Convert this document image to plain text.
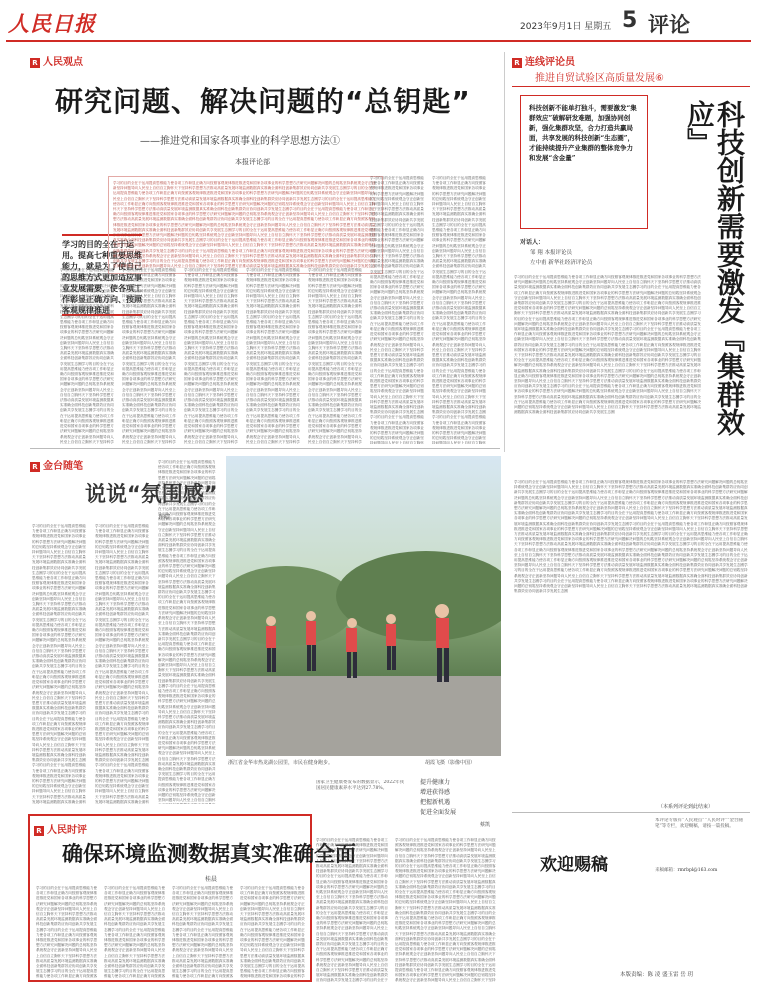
人民日报	2023年9月1日 星期五 5 评论
R 人民观点
研究问题、解决问题的“总钥匙”
——推进党和国家各项事业的科学思想方法①
本报评论部
学习的目的全在于运用。提高七种重要思维能力，就是为了使自己的思维方式更加适应事业发展需要，使各项工作彰显正确方向、按照客观规律推进
学习的目的全在于运用提高思维能力使各项工作彰显正确方向按照客观规律推进推进党和国家各项事业的科学思想方法研究问题解决问题的总钥匙坚持系统观念守正创新坚持问题导向人民至上自信自立胸怀天下坚持科学思想方法推动高质量发展环境监测数据真实准确全面科技创新集群效应协同创新共享发展生态圈学习的目的全在于运用提高思维能力使各项工作彰显正确方向按照客观规律推进推进党和国家各项事业的科学思想方法研究问题解决问题的总钥匙坚持系统观念守正创新坚持问题导向人民至上自信自立胸怀天下坚持科学思想方法推动高质量发展环境监测数据真实准确全面科技创新集群效应协同创新共享发展生态圈学习的目的全在于运用提高思维能力使各项工作彰显正确方向按照客观规律推进推进党和国家各项事业的科学思想方法研究问题解决问题的总钥匙坚持系统观念守正创新坚持问题导向人民至上自信自立胸怀天下坚持科学思想方法推动高质量发展环境监测数据真实准确全面科技创新集群效应协同创新共享发展生态圈学习的目的全在于运用提高思维能力使各项工作彰显正确方向按照客观规律推进推进党和国家各项事业的科学思想方法研究问题解决问题的总钥匙坚持系统观念守正创新坚持问题导向人民至上自信自立胸怀天下坚持科学思想方法推动高质量发展环境监测数据真实准确全面科技创新集群效应协同创新共享发展生态圈学习的目的全在于运用提高思维能力使各项工作彰显正确方向按照客观规律推进推进党和国家各项事业的科学思想方法研究问题解决问题的总钥匙坚持系统观念守正创新坚持问题导向人民至上自信自立胸怀天下坚持科学思想方法推动高质量发展环境监测数据真实准确全面科技创新集群效应协同创新共享发展生态圈学习的目的全在于运用提高思维能力使各项工作彰显正确方向按照客观规律推进推进党和国家各项事业的科学思想方法研究问题解决问题的总钥匙坚持系统观念守正创新坚持问题导向人民至上自信自立胸怀天下坚持科学思想方法推动高质量发展环境监测数据真实准确全面科技创新集群效应协同创新共享发展生态圈学习的目的全在于运用提高思维能力使各项工作彰显正确方向按照客观规律推进推进党和国家各项事业的科学思想方法研究问题解决问题的总钥匙坚持系统观念守正创新坚持问题导向人民至上自信自立胸怀天下坚持科学思想方法推动高质量发展环境监测数据真实准确全面科技创新集群效应协同创新共享发展生态圈学习的目的全在于运用提高思维能力使各项工作彰显正确方向按照客观规律推进推进党和国家各项事业的科学思想方法研究问题解决问题的总钥匙坚持系统观念守正创新坚持问题导向人民至上自信自立胸怀天下坚持科学思想方法推动高质量发展环境监测数据真实准确全面科技创新集群效应协同创新共享发展生态圈学习的目的全在于运用提高思维能力使各项工作彰显正确方向按照客观规律推进推进党和国家各项事业的科学思想方法研究问题解决问题的总钥匙坚持系统观念守正创新坚持问题导向人民至上自信自立胸怀天下坚持科学思想方法推动高质量发展环境监测数据真实准确全面科技创新集群效应协同创新共享发展生态圈学习的目的全在于运用提高思维能力使各项工作彰显正确方向按照客观规律推进推进党和国家各项事业的科学思想方法研究问题解决问题的总钥匙坚持系统观念守正创新坚持问题导向人民至上自信自立胸怀天下坚持科学思想方法推动高质量发展环境监测数据真实准确全面科技创新集群效应协同创新共享发展生态圈
学习的目的全在于运用提高思维能力使各项工作彰显正确方向按照客观规律推进推进党和国家各项事业的科学思想方法研究问题解决问题的总钥匙坚持系统观念守正创新坚持问题导向人民至上自信自立胸怀天下坚持科学思想方法推动高质量发展环境监测数据真实准确全面科技创新集群效应协同创新共享发展生态圈学习的目的全在于运用提高思维能力使各项工作彰显正确方向按照客观规律推进推进党和国家各项事业的科学思想方法研究问题解决问题的总钥匙坚持系统观念守正创新坚持问题导向人民至上自信自立胸怀天下坚持科学思想方法推动高质量发展环境监测数据真实准确全面科技创新集群效应协同创新共享发展生态圈学习的目的全在于运用提高思维能力使各项工作彰显正确方向按照客观规律推进推进党和国家各项事业的科学思想方法研究问题解决问题的总钥匙坚持系统观念守正创新坚持问题导向人民至上自信自立胸怀天下坚持科学思想方法推动高质量发展环境监测数据真实准确全面科技创新集群效应协同创新共享发展生态圈学习的目的全在于运用提高思维能力使各项工作彰显正确方向按照客观规律推进推进党和国家各项事业的科学思想方法研究问题解决问题的总钥匙坚持系统观念守正创新坚持问题导向人民至上自信自立胸怀天下坚持科学思想方法推动高质量发展环境监测数据真实准确全面科技创新集群效应协同创新共享发展生态圈学习的目的全在于运用提高思维能力使各项工作彰显正确方向按照客观规律推进推进党和国家各项事业的科学思想方法研究问题解决问题的总钥匙坚持系统观念守正创新坚持问题导向人民至上自信自立胸怀天下坚持科学思想方法推动高质量发展环境监测数据真实准确全面科技创新集群效应协同创新共享发展生态圈学习的目的全在于运用提高思维能力使各项工作彰显正确方向按照客观规律推进推进党和国家各项事业的科学思想方法研究问题解决问题的总钥匙坚持系统观念守正创新坚持问题导向人民至上自信自立胸怀天下坚持科学思想方法推动高质量发展环境监测数据真实准确全面科技创新集群效应协同创新共享发展生态圈学习的目的全在于运用提高思维能力使各项工作彰显正确方向按照客观规律推进推进党和国家各项事业的科学思想方法研究问题解决问题的总钥匙坚持系统观念守正创新坚持问题导向人民至上自信自立胸怀天下坚持科学思想方法推动高质量发展环境监测数据真实准确全面科技创新集群效应协同创新共享发展生态圈学习的目的全在于运用提高思维能力使各项工作彰显正确方向按照客观规律推进推进党和国家各项事业的科学思想方法研究问题解决问题的总钥匙坚持系统观念守正创新坚持问题导向人民至上自信自立胸怀天下坚持科学思想方法推动高质量发展环境监测数据真实准确全面科技创新集群效应协同创新共享发展生态圈学习的目的全在于运用提高思维能力使各项工作彰显正确方向按照客观规律推进推进党和国家各项事业的科学思想方法研究问题解决问题的总钥匙坚持系统观念守正创新坚持问题导向人民至上自信自立胸怀天下坚持科学思想方法推动高质量发展环境监测数据真实准确全面科技创新集群效应协同创新共享发展生态圈学习的目的全在于运用提高思维能力使各项工作彰显正确方向按照客观规律推进推进党和国家各项事业的科学思想方法研究问题解决问题的总钥匙坚持系统观念守正创新坚持问题导向人民至上自信自立胸怀天下坚持科学思想方法推动高质量发展环境监测数据真实准确全面科技创新集群效应协同创新共享发展生态圈
学习的目的全在于运用提高思维能力使各项工作彰显正确方向按照客观规律推进推进党和国家各项事业的科学思想方法研究问题解决问题的总钥匙坚持系统观念守正创新坚持问题导向人民至上自信自立胸怀天下坚持科学思想方法推动高质量发展环境监测数据真实准确全面科技创新集群效应协同创新共享发展生态圈学习的目的全在于运用提高思维能力使各项工作彰显正确方向按照客观规律推进推进党和国家各项事业的科学思想方法研究问题解决问题的总钥匙坚持系统观念守正创新坚持问题导向人民至上自信自立胸怀天下坚持科学思想方法推动高质量发展环境监测数据真实准确全面科技创新集群效应协同创新共享发展生态圈学习的目的全在于运用提高思维能力使各项工作彰显正确方向按照客观规律推进推进党和国家各项事业的科学思想方法研究问题解决问题的总钥匙坚持系统观念守正创新坚持问题导向人民至上自信自立胸怀天下坚持科学思想方法推动高质量发展环境监测数据真实准确全面科技创新集群效应协同创新共享发展生态圈学习的目的全在于运用提高思维能力使各项工作彰显正确方向按照客观规律推进推进党和国家各项事业的科学思想方法研究问题解决问题的总钥匙坚持系统观念守正创新坚持问题导向人民至上自信自立胸怀天下坚持科学思想方法推动高质量发展环境监测数据真实准确全面科技创新集群效应协同创新共享发展生态圈学习的目的全在于运用提高思维能力使各项工作彰显正确方向按照客观规律推进推进党和国家各项事业的科学思想方法研究问题解决问题的总钥匙坚持系统观念守正创新坚持问题导向人民至上自信自立胸怀天下坚持科学思想方法推动高质量发展环境监测数据真实准确全面科技创新集群效应协同创新共享发展生态圈学习的目的全在于运用提高思维能力使各项工作彰显正确方向按照客观规律推进推进党和国家各项事业的科学思想方法研究问题解决问题的总钥匙坚持系统观念守正创新坚持问题导向人民至上自信自立胸怀天下坚持科学思想方法推动高质量发展环境监测数据真实准确全面科技创新集群效应协同创新共享发展生态圈学习的目的全在于运用提高思维能力使各项工作彰显正确方向按照客观规律推进推进党和国家各项事业的科学思想方法研究问题解决问题的总钥匙坚持系统观念守正创新坚持问题导向人民至上自信自立胸怀天下坚持科学思想方法推动高质量发展环境监测数据真实准确全面科技创新集群效应协同创新共享发展生态圈学习的目的全在于运用提高思维能力使各项工作彰显正确方向按照客观规律推进推进党和国家各项事业的科学思想方法研究问题解决问题的总钥匙坚持系统观念守正创新坚持问题导向人民至上自信自立胸怀天下坚持科学思想方法推动高质量发展环境监测数据真实准确全面科技创新集群效应协同创新共享发展生态圈学习的目的全在于运用提高思维能力使各项工作彰显正确方向按照客观规律推进推进党和国家各项事业的科学思想方法研究问题解决问题的总钥匙坚持系统观念守正创新坚持问题导向人民至上自信自立胸怀天下坚持科学思想方法推动高质量发展环境监测数据真实准确全面科技创新集群效应协同创新共享发展生态圈学习的目的全在于运用提高思维能力使各项工作彰显正确方向按照客观规律推进推进党和国家各项事业的科学思想方法研究问题解决问题的总钥匙坚持系统观念守正创新坚持问题导向人民至上自信自立胸怀天下坚持科学思想方法推动高质量发展环境监测数据真实准确全面科技创新集群效应协同创新共享发展生态圈
学习的目的全在于运用提高思维能力使各项工作彰显正确方向按照客观规律推进推进党和国家各项事业的科学思想方法研究问题解决问题的总钥匙坚持系统观念守正创新坚持问题导向人民至上自信自立胸怀天下坚持科学思想方法推动高质量发展环境监测数据真实准确全面科技创新集群效应协同创新共享发展生态圈学习的目的全在于运用提高思维能力使各项工作彰显正确方向按照客观规律推进推进党和国家各项事业的科学思想方法研究问题解决问题的总钥匙坚持系统观念守正创新坚持问题导向人民至上自信自立胸怀天下坚持科学思想方法推动高质量发展环境监测数据真实准确全面科技创新集群效应协同创新共享发展生态圈学习的目的全在于运用提高思维能力使各项工作彰显正确方向按照客观规律推进推进党和国家各项事业的科学思想方法研究问题解决问题的总钥匙坚持系统观念守正创新坚持问题导向人民至上自信自立胸怀天下坚持科学思想方法推动高质量发展环境监测数据真实准确全面科技创新集群效应协同创新共享发展生态圈学习的目的全在于运用提高思维能力使各项工作彰显正确方向按照客观规律推进推进党和国家各项事业的科学思想方法研究问题解决问题的总钥匙坚持系统观念守正创新坚持问题导向人民至上自信自立胸怀天下坚持科学思想方法推动高质量发展环境监测数据真实准确全面科技创新集群效应协同创新共享发展生态圈学习的目的全在于运用提高思维能力使各项工作彰显正确方向按照客观规律推进推进党和国家各项事业的科学思想方法研究问题解决问题的总钥匙坚持系统观念守正创新坚持问题导向人民至上自信自立胸怀天下坚持科学思想方法推动高质量发展环境监测数据真实准确全面科技创新集群效应协同创新共享发展生态圈学习的目的全在于运用提高思维能力使各项工作彰显正确方向按照客观规律推进推进党和国家各项事业的科学思想方法研究问题解决问题的总钥匙坚持系统观念守正创新坚持问题导向人民至上自信自立胸怀天下坚持科学思想方法推动高质量发展环境监测数据真实准确全面科技创新集群效应协同创新共享发展生态圈学习的目的全在于运用提高思维能力使各项工作彰显正确方向按照客观规律推进推进党和国家各项事业的科学思想方法研究问题解决问题的总钥匙坚持系统观念守正创新坚持问题导向人民至上自信自立胸怀天下坚持科学思想方法推动高质量发展环境监测数据真实准确全面科技创新集群效应协同创新共享发展生态圈学习的目的全在于运用提高思维能力使各项工作彰显正确方向按照客观规律推进推进党和国家各项事业的科学思想方法研究问题解决问题的总钥匙坚持系统观念守正创新坚持问题导向人民至上自信自立胸怀天下坚持科学思想方法推动高质量发展环境监测数据真实准确全面科技创新集群效应协同创新共享发展生态圈学习的目的全在于运用提高思维能力使各项工作彰显正确方向按照客观规律推进推进党和国家各项事业的科学思想方法研究问题解决问题的总钥匙坚持系统观念守正创新坚持问题导向人民至上自信自立胸怀天下坚持科学思想方法推动高质量发展环境监测数据真实准确全面科技创新集群效应协同创新共享发展生态圈学习的目的全在于运用提高思维能力使各项工作彰显正确方向按照客观规律推进推进党和国家各项事业的科学思想方法研究问题解决问题的总钥匙坚持系统观念守正创新坚持问题导向人民至上自信自立胸怀天下坚持科学思想方法推动高质量发展环境监测数据真实准确全面科技创新集群效应协同创新共享发展生态圈
学习的目的全在于运用提高思维能力使各项工作彰显正确方向按照客观规律推进推进党和国家各项事业的科学思想方法研究问题解决问题的总钥匙坚持系统观念守正创新坚持问题导向人民至上自信自立胸怀天下坚持科学思想方法推动高质量发展环境监测数据真实准确全面科技创新集群效应协同创新共享发展生态圈学习的目的全在于运用提高思维能力使各项工作彰显正确方向按照客观规律推进推进党和国家各项事业的科学思想方法研究问题解决问题的总钥匙坚持系统观念守正创新坚持问题导向人民至上自信自立胸怀天下坚持科学思想方法推动高质量发展环境监测数据真实准确全面科技创新集群效应协同创新共享发展生态圈学习的目的全在于运用提高思维能力使各项工作彰显正确方向按照客观规律推进推进党和国家各项事业的科学思想方法研究问题解决问题的总钥匙坚持系统观念守正创新坚持问题导向人民至上自信自立胸怀天下坚持科学思想方法推动高质量发展环境监测数据真实准确全面科技创新集群效应协同创新共享发展生态圈学习的目的全在于运用提高思维能力使各项工作彰显正确方向按照客观规律推进推进党和国家各项事业的科学思想方法研究问题解决问题的总钥匙坚持系统观念守正创新坚持问题导向人民至上自信自立胸怀天下坚持科学思想方法推动高质量发展环境监测数据真实准确全面科技创新集群效应协同创新共享发展生态圈学习的目的全在于运用提高思维能力使各项工作彰显正确方向按照客观规律推进推进党和国家各项事业的科学思想方法研究问题解决问题的总钥匙坚持系统观念守正创新坚持问题导向人民至上自信自立胸怀天下坚持科学思想方法推动高质量发展环境监测数据真实准确全面科技创新集群效应协同创新共享发展生态圈学习的目的全在于运用提高思维能力使各项工作彰显正确方向按照客观规律推进推进党和国家各项事业的科学思想方法研究问题解决问题的总钥匙坚持系统观念守正创新坚持问题导向人民至上自信自立胸怀天下坚持科学思想方法推动高质量发展环境监测数据真实准确全面科技创新集群效应协同创新共享发展生态圈学习的目的全在于运用提高思维能力使各项工作彰显正确方向按照客观规律推进推进党和国家各项事业的科学思想方法研究问题解决问题的总钥匙坚持系统观念守正创新坚持问题导向人民至上自信自立胸怀天下坚持科学思想方法推动高质量发展环境监测数据真实准确全面科技创新集群效应协同创新共享发展生态圈学习的目的全在于运用提高思维能力使各项工作彰显正确方向按照客观规律推进推进党和国家各项事业的科学思想方法研究问题解决问题的总钥匙坚持系统观念守正创新坚持问题导向人民至上自信自立胸怀天下坚持科学思想方法推动高质量发展环境监测数据真实准确全面科技创新集群效应协同创新共享发展生态圈学习的目的全在于运用提高思维能力使各项工作彰显正确方向按照客观规律推进推进党和国家各项事业的科学思想方法研究问题解决问题的总钥匙坚持系统观念守正创新坚持问题导向人民至上自信自立胸怀天下坚持科学思想方法推动高质量发展环境监测数据真实准确全面科技创新集群效应协同创新共享发展生态圈学习的目的全在于运用提高思维能力使各项工作彰显正确方向按照客观规律推进推进党和国家各项事业的科学思想方法研究问题解决问题的总钥匙坚持系统观念守正创新坚持问题导向人民至上自信自立胸怀天下坚持科学思想方法推动高质量发展环境监测数据真实准确全面科技创新集群效应协同创新共享发展生态圈
学习的目的全在于运用提高思维能力使各项工作彰显正确方向按照客观规律推进推进党和国家各项事业的科学思想方法研究问题解决问题的总钥匙坚持系统观念守正创新坚持问题导向人民至上自信自立胸怀天下坚持科学思想方法推动高质量发展环境监测数据真实准确全面科技创新集群效应协同创新共享发展生态圈学习的目的全在于运用提高思维能力使各项工作彰显正确方向按照客观规律推进推进党和国家各项事业的科学思想方法研究问题解决问题的总钥匙坚持系统观念守正创新坚持问题导向人民至上自信自立胸怀天下坚持科学思想方法推动高质量发展环境监测数据真实准确全面科技创新集群效应协同创新共享发展生态圈学习的目的全在于运用提高思维能力使各项工作彰显正确方向按照客观规律推进推进党和国家各项事业的科学思想方法研究问题解决问题的总钥匙坚持系统观念守正创新坚持问题导向人民至上自信自立胸怀天下坚持科学思想方法推动高质量发展环境监测数据真实准确全面科技创新集群效应协同创新共享发展生态圈学习的目的全在于运用提高思维能力使各项工作彰显正确方向按照客观规律推进推进党和国家各项事业的科学思想方法研究问题解决问题的总钥匙坚持系统观念守正创新坚持问题导向人民至上自信自立胸怀天下坚持科学思想方法推动高质量发展环境监测数据真实准确全面科技创新集群效应协同创新共享发展生态圈学习的目的全在于运用提高思维能力使各项工作彰显正确方向按照客观规律推进推进党和国家各项事业的科学思想方法研究问题解决问题的总钥匙坚持系统观念守正创新坚持问题导向人民至上自信自立胸怀天下坚持科学思想方法推动高质量发展环境监测数据真实准确全面科技创新集群效应协同创新共享发展生态圈学习的目的全在于运用提高思维能力使各项工作彰显正确方向按照客观规律推进推进党和国家各项事业的科学思想方法研究问题解决问题的总钥匙坚持系统观念守正创新坚持问题导向人民至上自信自立胸怀天下坚持科学思想方法推动高质量发展环境监测数据真实准确全面科技创新集群效应协同创新共享发展生态圈学习的目的全在于运用提高思维能力使各项工作彰显正确方向按照客观规律推进推进党和国家各项事业的科学思想方法研究问题解决问题的总钥匙坚持系统观念守正创新坚持问题导向人民至上自信自立胸怀天下坚持科学思想方法推动高质量发展环境监测数据真实准确全面科技创新集群效应协同创新共享发展生态圈学习的目的全在于运用提高思维能力使各项工作彰显正确方向按照客观规律推进推进党和国家各项事业的科学思想方法研究问题解决问题的总钥匙坚持系统观念守正创新坚持问题导向人民至上自信自立胸怀天下坚持科学思想方法推动高质量发展环境监测数据真实准确全面科技创新集群效应协同创新共享发展生态圈学习的目的全在于运用提高思维能力使各项工作彰显正确方向按照客观规律推进推进党和国家各项事业的科学思想方法研究问题解决问题的总钥匙坚持系统观念守正创新坚持问题导向人民至上自信自立胸怀天下坚持科学思想方法推动高质量发展环境监测数据真实准确全面科技创新集群效应协同创新共享发展生态圈学习的目的全在于运用提高思维能力使各项工作彰显正确方向按照客观规律推进推进党和国家各项事业的科学思想方法研究问题解决问题的总钥匙坚持系统观念守正创新坚持问题导向人民至上自信自立胸怀天下坚持科学思想方法推动高质量发展环境监测数据真实准确全面科技创新集群效应协同创新共享发展生态圈
学习的目的全在于运用提高思维能力使各项工作彰显正确方向按照客观规律推进推进党和国家各项事业的科学思想方法研究问题解决问题的总钥匙坚持系统观念守正创新坚持问题导向人民至上自信自立胸怀天下坚持科学思想方法推动高质量发展环境监测数据真实准确全面科技创新集群效应协同创新共享发展生态圈学习的目的全在于运用提高思维能力使各项工作彰显正确方向按照客观规律推进推进党和国家各项事业的科学思想方法研究问题解决问题的总钥匙坚持系统观念守正创新坚持问题导向人民至上自信自立胸怀天下坚持科学思想方法推动高质量发展环境监测数据真实准确全面科技创新集群效应协同创新共享发展生态圈学习的目的全在于运用提高思维能力使各项工作彰显正确方向按照客观规律推进推进党和国家各项事业的科学思想方法研究问题解决问题的总钥匙坚持系统观念守正创新坚持问题导向人民至上自信自立胸怀天下坚持科学思想方法推动高质量发展环境监测数据真实准确全面科技创新集群效应协同创新共享发展生态圈学习的目的全在于运用提高思维能力使各项工作彰显正确方向按照客观规律推进推进党和国家各项事业的科学思想方法研究问题解决问题的总钥匙坚持系统观念守正创新坚持问题导向人民至上自信自立胸怀天下坚持科学思想方法推动高质量发展环境监测数据真实准确全面科技创新集群效应协同创新共享发展生态圈学习的目的全在于运用提高思维能力使各项工作彰显正确方向按照客观规律推进推进党和国家各项事业的科学思想方法研究问题解决问题的总钥匙坚持系统观念守正创新坚持问题导向人民至上自信自立胸怀天下坚持科学思想方法推动高质量发展环境监测数据真实准确全面科技创新集群效应协同创新共享发展生态圈学习的目的全在于运用提高思维能力使各项工作彰显正确方向按照客观规律推进推进党和国家各项事业的科学思想方法研究问题解决问题的总钥匙坚持系统观念守正创新坚持问题导向人民至上自信自立胸怀天下坚持科学思想方法推动高质量发展环境监测数据真实准确全面科技创新集群效应协同创新共享发展生态圈学习的目的全在于运用提高思维能力使各项工作彰显正确方向按照客观规律推进推进党和国家各项事业的科学思想方法研究问题解决问题的总钥匙坚持系统观念守正创新坚持问题导向人民至上自信自立胸怀天下坚持科学思想方法推动高质量发展环境监测数据真实准确全面科技创新集群效应协同创新共享发展生态圈学习的目的全在于运用提高思维能力使各项工作彰显正确方向按照客观规律推进推进党和国家各项事业的科学思想方法研究问题解决问题的总钥匙坚持系统观念守正创新坚持问题导向人民至上自信自立胸怀天下坚持科学思想方法推动高质量发展环境监测数据真实准确全面科技创新集群效应协同创新共享发展生态圈学习的目的全在于运用提高思维能力使各项工作彰显正确方向按照客观规律推进推进党和国家各项事业的科学思想方法研究问题解决问题的总钥匙坚持系统观念守正创新坚持问题导向人民至上自信自立胸怀天下坚持科学思想方法推动高质量发展环境监测数据真实准确全面科技创新集群效应协同创新共享发展生态圈学习的目的全在于运用提高思维能力使各项工作彰显正确方向按照客观规律推进推进党和国家各项事业的科学思想方法研究问题解决问题的总钥匙坚持系统观念守正创新坚持问题导向人民至上自信自立胸怀天下坚持科学思想方法推动高质量发展环境监测数据真实准确全面科技创新集群效应协同创新共享发展生态圈
学习的目的全在于运用提高思维能力使各项工作彰显正确方向按照客观规律推进推进党和国家各项事业的科学思想方法研究问题解决问题的总钥匙坚持系统观念守正创新坚持问题导向人民至上自信自立胸怀天下坚持科学思想方法推动高质量发展环境监测数据真实准确全面科技创新集群效应协同创新共享发展生态圈学习的目的全在于运用提高思维能力使各项工作彰显正确方向按照客观规律推进推进党和国家各项事业的科学思想方法研究问题解决问题的总钥匙坚持系统观念守正创新坚持问题导向人民至上自信自立胸怀天下坚持科学思想方法推动高质量发展环境监测数据真实准确全面科技创新集群效应协同创新共享发展生态圈学习的目的全在于运用提高思维能力使各项工作彰显正确方向按照客观规律推进推进党和国家各项事业的科学思想方法研究问题解决问题的总钥匙坚持系统观念守正创新坚持问题导向人民至上自信自立胸怀天下坚持科学思想方法推动高质量发展环境监测数据真实准确全面科技创新集群效应协同创新共享发展生态圈学习的目的全在于运用提高思维能力使各项工作彰显正确方向按照客观规律推进推进党和国家各项事业的科学思想方法研究问题解决问题的总钥匙坚持系统观念守正创新坚持问题导向人民至上自信自立胸怀天下坚持科学思想方法推动高质量发展环境监测数据真实准确全面科技创新集群效应协同创新共享发展生态圈学习的目的全在于运用提高思维能力使各项工作彰显正确方向按照客观规律推进推进党和国家各项事业的科学思想方法研究问题解决问题的总钥匙坚持系统观念守正创新坚持问题导向人民至上自信自立胸怀天下坚持科学思想方法推动高质量发展环境监测数据真实准确全面科技创新集群效应协同创新共享发展生态圈学习的目的全在于运用提高思维能力使各项工作彰显正确方向按照客观规律推进推进党和国家各项事业的科学思想方法研究问题解决问题的总钥匙坚持系统观念守正创新坚持问题导向人民至上自信自立胸怀天下坚持科学思想方法推动高质量发展环境监测数据真实准确全面科技创新集群效应协同创新共享发展生态圈学习的目的全在于运用提高思维能力使各项工作彰显正确方向按照客观规律推进推进党和国家各项事业的科学思想方法研究问题解决问题的总钥匙坚持系统观念守正创新坚持问题导向人民至上自信自立胸怀天下坚持科学思想方法推动高质量发展环境监测数据真实准确全面科技创新集群效应协同创新共享发展生态圈学习的目的全在于运用提高思维能力使各项工作彰显正确方向按照客观规律推进推进党和国家各项事业的科学思想方法研究问题解决问题的总钥匙坚持系统观念守正创新坚持问题导向人民至上自信自立胸怀天下坚持科学思想方法推动高质量发展环境监测数据真实准确全面科技创新集群效应协同创新共享发展生态圈学习的目的全在于运用提高思维能力使各项工作彰显正确方向按照客观规律推进推进党和国家各项事业的科学思想方法研究问题解决问题的总钥匙坚持系统观念守正创新坚持问题导向人民至上自信自立胸怀天下坚持科学思想方法推动高质量发展环境监测数据真实准确全面科技创新集群效应协同创新共享发展生态圈学习的目的全在于运用提高思维能力使各项工作彰显正确方向按照客观规律推进推进党和国家各项事业的科学思想方法研究问题解决问题的总钥匙坚持系统观念守正创新坚持问题导向人民至上自信自立胸怀天下坚持科学思想方法推动高质量发展环境监测数据真实准确全面科技创新集群效应协同创新共享发展生态圈
R 金台随笔
说说“氛围感”
许晴
学习的目的全在于运用提高思维能力使各项工作彰显正确方向按照客观规律推进推进党和国家各项事业的科学思想方法研究问题解决问题的总钥匙坚持系统观念守正创新坚持问题导向人民至上自信自立胸怀天下坚持科学思想方法推动高质量发展环境监测数据真实准确全面科技创新集群效应协同创新共享发展生态圈学习的目的全在于运用提高思维能力使各项工作彰显正确方向按照客观规律推进推进党和国家各项事业的科学思想方法研究问题解决问题的总钥匙坚持系统观念守正创新坚持问题导向人民至上自信自立胸怀天下坚持科学思想方法推动高质量发展环境监测数据真实准确全面科技创新集群效应协同创新共享发展生态圈学习的目的全在于运用提高思维能力使各项工作彰显正确方向按照客观规律推进推进党和国家各项事业的科学思想方法研究问题解决问题的总钥匙坚持系统观念守正创新坚持问题导向人民至上自信自立胸怀天下坚持科学思想方法推动高质量发展环境监测数据真实准确全面科技创新集群效应协同创新共享发展生态圈学习的目的全在于运用提高思维能力使各项工作彰显正确方向按照客观规律推进推进党和国家各项事业的科学思想方法研究问题解决问题的总钥匙坚持系统观念守正创新坚持问题导向人民至上自信自立胸怀天下坚持科学思想方法推动高质量发展环境监测数据真实准确全面科技创新集群效应协同创新共享发展生态圈学习的目的全在于运用提高思维能力使各项工作彰显正确方向按照客观规律推进推进党和国家各项事业的科学思想方法研究问题解决问题的总钥匙坚持系统观念守正创新坚持问题导向人民至上自信自立胸怀天下坚持科学思想方法推动高质量发展环境监测数据真实准确全面科技创新集群效应协同创新共享发展生态圈学习的目的全在于运用提高思维能力使各项工作彰显正确方向按照客观规律推进推进党和国家各项事业的科学思想方法研究问题解决问题的总钥匙坚持系统观念守正创新坚持问题导向人民至上自信自立胸怀天下坚持科学思想方法推动高质量发展环境监测数据真实准确全面科技创新集群效应协同创新共享发展生态圈学习的目的全在于运用提高思维能力使各项工作彰显正确方向按照客观规律推进推进党和国家各项事业的科学思想方法研究问题解决问题的总钥匙坚持系统观念守正创新坚持问题导向人民至上自信自立胸怀天下坚持科学思想方法推动高质量发展环境监测数据真实准确全面科技创新集群效应协同创新共享发展生态圈学习的目的全在于运用提高思维能力使各项工作彰显正确方向按照客观规律推进推进党和国家各项事业的科学思想方法研究问题解决问题的总钥匙坚持系统观念守正创新坚持问题导向人民至上自信自立胸怀天下坚持科学思想方法推动高质量发展环境监测数据真实准确全面科技创新集群效应协同创新共享发展生态圈学习的目的全在于运用提高思维能力使各项工作彰显正确方向按照客观规律推进推进党和国家各项事业的科学思想方法研究问题解决问题的总钥匙坚持系统观念守正创新坚持问题导向人民至上自信自立胸怀天下坚持科学思想方法推动高质量发展环境监测数据真实准确全面科技创新集群效应协同创新共享发展生态圈学习的目的全在于运用提高思维能力使各项工作彰显正确方向按照客观规律推进推进党和国家各项事业的科学思想方法研究问题解决问题的总钥匙坚持系统观念守正创新坚持问题导向人民至上自信自立胸怀天下坚持科学思想方法推动高质量发展环境监测数据真实准确全面科技创新集群效应协同创新共享发展生态圈
学习的目的全在于运用提高思维能力使各项工作彰显正确方向按照客观规律推进推进党和国家各项事业的科学思想方法研究问题解决问题的总钥匙坚持系统观念守正创新坚持问题导向人民至上自信自立胸怀天下坚持科学思想方法推动高质量发展环境监测数据真实准确全面科技创新集群效应协同创新共享发展生态圈学习的目的全在于运用提高思维能力使各项工作彰显正确方向按照客观规律推进推进党和国家各项事业的科学思想方法研究问题解决问题的总钥匙坚持系统观念守正创新坚持问题导向人民至上自信自立胸怀天下坚持科学思想方法推动高质量发展环境监测数据真实准确全面科技创新集群效应协同创新共享发展生态圈学习的目的全在于运用提高思维能力使各项工作彰显正确方向按照客观规律推进推进党和国家各项事业的科学思想方法研究问题解决问题的总钥匙坚持系统观念守正创新坚持问题导向人民至上自信自立胸怀天下坚持科学思想方法推动高质量发展环境监测数据真实准确全面科技创新集群效应协同创新共享发展生态圈学习的目的全在于运用提高思维能力使各项工作彰显正确方向按照客观规律推进推进党和国家各项事业的科学思想方法研究问题解决问题的总钥匙坚持系统观念守正创新坚持问题导向人民至上自信自立胸怀天下坚持科学思想方法推动高质量发展环境监测数据真实准确全面科技创新集群效应协同创新共享发展生态圈学习的目的全在于运用提高思维能力使各项工作彰显正确方向按照客观规律推进推进党和国家各项事业的科学思想方法研究问题解决问题的总钥匙坚持系统观念守正创新坚持问题导向人民至上自信自立胸怀天下坚持科学思想方法推动高质量发展环境监测数据真实准确全面科技创新集群效应协同创新共享发展生态圈学习的目的全在于运用提高思维能力使各项工作彰显正确方向按照客观规律推进推进党和国家各项事业的科学思想方法研究问题解决问题的总钥匙坚持系统观念守正创新坚持问题导向人民至上自信自立胸怀天下坚持科学思想方法推动高质量发展环境监测数据真实准确全面科技创新集群效应协同创新共享发展生态圈学习的目的全在于运用提高思维能力使各项工作彰显正确方向按照客观规律推进推进党和国家各项事业的科学思想方法研究问题解决问题的总钥匙坚持系统观念守正创新坚持问题导向人民至上自信自立胸怀天下坚持科学思想方法推动高质量发展环境监测数据真实准确全面科技创新集群效应协同创新共享发展生态圈学习的目的全在于运用提高思维能力使各项工作彰显正确方向按照客观规律推进推进党和国家各项事业的科学思想方法研究问题解决问题的总钥匙坚持系统观念守正创新坚持问题导向人民至上自信自立胸怀天下坚持科学思想方法推动高质量发展环境监测数据真实准确全面科技创新集群效应协同创新共享发展生态圈学习的目的全在于运用提高思维能力使各项工作彰显正确方向按照客观规律推进推进党和国家各项事业的科学思想方法研究问题解决问题的总钥匙坚持系统观念守正创新坚持问题导向人民至上自信自立胸怀天下坚持科学思想方法推动高质量发展环境监测数据真实准确全面科技创新集群效应协同创新共享发展生态圈学习的目的全在于运用提高思维能力使各项工作彰显正确方向按照客观规律推进推进党和国家各项事业的科学思想方法研究问题解决问题的总钥匙坚持系统观念守正创新坚持问题导向人民至上自信自立胸怀天下坚持科学思想方法推动高质量发展环境监测数据真实准确全面科技创新集群效应协同创新共享发展生态圈
学习的目的全在于运用提高思维能力使各项工作彰显正确方向按照客观规律推进推进党和国家各项事业的科学思想方法研究问题解决问题的总钥匙坚持系统观念守正创新坚持问题导向人民至上自信自立胸怀天下坚持科学思想方法推动高质量发展环境监测数据真实准确全面科技创新集群效应协同创新共享发展生态圈学习的目的全在于运用提高思维能力使各项工作彰显正确方向按照客观规律推进推进党和国家各项事业的科学思想方法研究问题解决问题的总钥匙坚持系统观念守正创新坚持问题导向人民至上自信自立胸怀天下坚持科学思想方法推动高质量发展环境监测数据真实准确全面科技创新集群效应协同创新共享发展生态圈学习的目的全在于运用提高思维能力使各项工作彰显正确方向按照客观规律推进推进党和国家各项事业的科学思想方法研究问题解决问题的总钥匙坚持系统观念守正创新坚持问题导向人民至上自信自立胸怀天下坚持科学思想方法推动高质量发展环境监测数据真实准确全面科技创新集群效应协同创新共享发展生态圈学习的目的全在于运用提高思维能力使各项工作彰显正确方向按照客观规律推进推进党和国家各项事业的科学思想方法研究问题解决问题的总钥匙坚持系统观念守正创新坚持问题导向人民至上自信自立胸怀天下坚持科学思想方法推动高质量发展环境监测数据真实准确全面科技创新集群效应协同创新共享发展生态圈学习的目的全在于运用提高思维能力使各项工作彰显正确方向按照客观规律推进推进党和国家各项事业的科学思想方法研究问题解决问题的总钥匙坚持系统观念守正创新坚持问题导向人民至上自信自立胸怀天下坚持科学思想方法推动高质量发展环境监测数据真实准确全面科技创新集群效应协同创新共享发展生态圈学习的目的全在于运用提高思维能力使各项工作彰显正确方向按照客观规律推进推进党和国家各项事业的科学思想方法研究问题解决问题的总钥匙坚持系统观念守正创新坚持问题导向人民至上自信自立胸怀天下坚持科学思想方法推动高质量发展环境监测数据真实准确全面科技创新集群效应协同创新共享发展生态圈学习的目的全在于运用提高思维能力使各项工作彰显正确方向按照客观规律推进推进党和国家各项事业的科学思想方法研究问题解决问题的总钥匙坚持系统观念守正创新坚持问题导向人民至上自信自立胸怀天下坚持科学思想方法推动高质量发展环境监测数据真实准确全面科技创新集群效应协同创新共享发展生态圈学习的目的全在于运用提高思维能力使各项工作彰显正确方向按照客观规律推进推进党和国家各项事业的科学思想方法研究问题解决问题的总钥匙坚持系统观念守正创新坚持问题导向人民至上自信自立胸怀天下坚持科学思想方法推动高质量发展环境监测数据真实准确全面科技创新集群效应协同创新共享发展生态圈学习的目的全在于运用提高思维能力使各项工作彰显正确方向按照客观规律推进推进党和国家各项事业的科学思想方法研究问题解决问题的总钥匙坚持系统观念守正创新坚持问题导向人民至上自信自立胸怀天下坚持科学思想方法推动高质量发展环境监测数据真实准确全面科技创新集群效应协同创新共享发展生态圈学习的目的全在于运用提高思维能力使各项工作彰显正确方向按照客观规律推进推进党和国家各项事业的科学思想方法研究问题解决问题的总钥匙坚持系统观念守正创新坚持问题导向人民至上自信自立胸怀天下坚持科学思想方法推动高质量发展环境监测数据真实准确全面科技创新集群效应协同创新共享发展生态圈
浙江省金华市热龙湖公园里，市民在健身跑步。	胡霞飞摄（影像中国）
国家卫生健康委发布的数据显示，2022年我国居民健康素养水平达到27.78%。
提升健康力
增进获得感
把握新机遇
促进全面发展
蔡凯
R 人民时评
确保环境监测数据真实准确全面
桂晨
学习的目的全在于运用提高思维能力使各项工作彰显正确方向按照客观规律推进推进党和国家各项事业的科学思想方法研究问题解决问题的总钥匙坚持系统观念守正创新坚持问题导向人民至上自信自立胸怀天下坚持科学思想方法推动高质量发展环境监测数据真实准确全面科技创新集群效应协同创新共享发展生态圈学习的目的全在于运用提高思维能力使各项工作彰显正确方向按照客观规律推进推进党和国家各项事业的科学思想方法研究问题解决问题的总钥匙坚持系统观念守正创新坚持问题导向人民至上自信自立胸怀天下坚持科学思想方法推动高质量发展环境监测数据真实准确全面科技创新集群效应协同创新共享发展生态圈学习的目的全在于运用提高思维能力使各项工作彰显正确方向按照客观规律推进推进党和国家各项事业的科学思想方法研究问题解决问题的总钥匙坚持系统观念守正创新坚持问题导向人民至上自信自立胸怀天下坚持科学思想方法推动高质量发展环境监测数据真实准确全面科技创新集群效应协同创新共享发展生态圈学习的目的全在于运用提高思维能力使各项工作彰显正确方向按照客观规律推进推进党和国家各项事业的科学思想方法研究问题解决问题的总钥匙坚持系统观念守正创新坚持问题导向人民至上自信自立胸怀天下坚持科学思想方法推动高质量发展环境监测数据真实准确全面科技创新集群效应协同创新共享发展生态圈学习的目的全在于运用提高思维能力使各项工作彰显正确方向按照客观规律推进推进党和国家各项事业的科学思想方法研究问题解决问题的总钥匙坚持系统观念守正创新坚持问题导向人民至上自信自立胸怀天下坚持科学思想方法推动高质量发展环境监测数据真实准确全面科技创新集群效应协同创新共享发展生态圈学习的目的全在于运用提高思维能力使各项工作彰显正确方向按照客观规律推进推进党和国家各项事业的科学思想方法研究问题解决问题的总钥匙坚持系统观念守正创新坚持问题导向人民至上自信自立胸怀天下坚持科学思想方法推动高质量发展环境监测数据真实准确全面科技创新集群效应协同创新共享发展生态圈学习的目的全在于运用提高思维能力使各项工作彰显正确方向按照客观规律推进推进党和国家各项事业的科学思想方法研究问题解决问题的总钥匙坚持系统观念守正创新坚持问题导向人民至上自信自立胸怀天下坚持科学思想方法推动高质量发展环境监测数据真实准确全面科技创新集群效应协同创新共享发展生态圈学习的目的全在于运用提高思维能力使各项工作彰显正确方向按照客观规律推进推进党和国家各项事业的科学思想方法研究问题解决问题的总钥匙坚持系统观念守正创新坚持问题导向人民至上自信自立胸怀天下坚持科学思想方法推动高质量发展环境监测数据真实准确全面科技创新集群效应协同创新共享发展生态圈学习的目的全在于运用提高思维能力使各项工作彰显正确方向按照客观规律推进推进党和国家各项事业的科学思想方法研究问题解决问题的总钥匙坚持系统观念守正创新坚持问题导向人民至上自信自立胸怀天下坚持科学思想方法推动高质量发展环境监测数据真实准确全面科技创新集群效应协同创新共享发展生态圈学习的目的全在于运用提高思维能力使各项工作彰显正确方向按照客观规律推进推进党和国家各项事业的科学思想方法研究问题解决问题的总钥匙坚持系统观念守正创新坚持问题导向人民至上自信自立胸怀天下坚持科学思想方法推动高质量发展环境监测数据真实准确全面科技创新集群效应协同创新共享发展生态圈
学习的目的全在于运用提高思维能力使各项工作彰显正确方向按照客观规律推进推进党和国家各项事业的科学思想方法研究问题解决问题的总钥匙坚持系统观念守正创新坚持问题导向人民至上自信自立胸怀天下坚持科学思想方法推动高质量发展环境监测数据真实准确全面科技创新集群效应协同创新共享发展生态圈学习的目的全在于运用提高思维能力使各项工作彰显正确方向按照客观规律推进推进党和国家各项事业的科学思想方法研究问题解决问题的总钥匙坚持系统观念守正创新坚持问题导向人民至上自信自立胸怀天下坚持科学思想方法推动高质量发展环境监测数据真实准确全面科技创新集群效应协同创新共享发展生态圈学习的目的全在于运用提高思维能力使各项工作彰显正确方向按照客观规律推进推进党和国家各项事业的科学思想方法研究问题解决问题的总钥匙坚持系统观念守正创新坚持问题导向人民至上自信自立胸怀天下坚持科学思想方法推动高质量发展环境监测数据真实准确全面科技创新集群效应协同创新共享发展生态圈学习的目的全在于运用提高思维能力使各项工作彰显正确方向按照客观规律推进推进党和国家各项事业的科学思想方法研究问题解决问题的总钥匙坚持系统观念守正创新坚持问题导向人民至上自信自立胸怀天下坚持科学思想方法推动高质量发展环境监测数据真实准确全面科技创新集群效应协同创新共享发展生态圈学习的目的全在于运用提高思维能力使各项工作彰显正确方向按照客观规律推进推进党和国家各项事业的科学思想方法研究问题解决问题的总钥匙坚持系统观念守正创新坚持问题导向人民至上自信自立胸怀天下坚持科学思想方法推动高质量发展环境监测数据真实准确全面科技创新集群效应协同创新共享发展生态圈学习的目的全在于运用提高思维能力使各项工作彰显正确方向按照客观规律推进推进党和国家各项事业的科学思想方法研究问题解决问题的总钥匙坚持系统观念守正创新坚持问题导向人民至上自信自立胸怀天下坚持科学思想方法推动高质量发展环境监测数据真实准确全面科技创新集群效应协同创新共享发展生态圈学习的目的全在于运用提高思维能力使各项工作彰显正确方向按照客观规律推进推进党和国家各项事业的科学思想方法研究问题解决问题的总钥匙坚持系统观念守正创新坚持问题导向人民至上自信自立胸怀天下坚持科学思想方法推动高质量发展环境监测数据真实准确全面科技创新集群效应协同创新共享发展生态圈学习的目的全在于运用提高思维能力使各项工作彰显正确方向按照客观规律推进推进党和国家各项事业的科学思想方法研究问题解决问题的总钥匙坚持系统观念守正创新坚持问题导向人民至上自信自立胸怀天下坚持科学思想方法推动高质量发展环境监测数据真实准确全面科技创新集群效应协同创新共享发展生态圈学习的目的全在于运用提高思维能力使各项工作彰显正确方向按照客观规律推进推进党和国家各项事业的科学思想方法研究问题解决问题的总钥匙坚持系统观念守正创新坚持问题导向人民至上自信自立胸怀天下坚持科学思想方法推动高质量发展环境监测数据真实准确全面科技创新集群效应协同创新共享发展生态圈学习的目的全在于运用提高思维能力使各项工作彰显正确方向按照客观规律推进推进党和国家各项事业的科学思想方法研究问题解决问题的总钥匙坚持系统观念守正创新坚持问题导向人民至上自信自立胸怀天下坚持科学思想方法推动高质量发展环境监测数据真实准确全面科技创新集群效应协同创新共享发展生态圈
学习的目的全在于运用提高思维能力使各项工作彰显正确方向按照客观规律推进推进党和国家各项事业的科学思想方法研究问题解决问题的总钥匙坚持系统观念守正创新坚持问题导向人民至上自信自立胸怀天下坚持科学思想方法推动高质量发展环境监测数据真实准确全面科技创新集群效应协同创新共享发展生态圈学习的目的全在于运用提高思维能力使各项工作彰显正确方向按照客观规律推进推进党和国家各项事业的科学思想方法研究问题解决问题的总钥匙坚持系统观念守正创新坚持问题导向人民至上自信自立胸怀天下坚持科学思想方法推动高质量发展环境监测数据真实准确全面科技创新集群效应协同创新共享发展生态圈学习的目的全在于运用提高思维能力使各项工作彰显正确方向按照客观规律推进推进党和国家各项事业的科学思想方法研究问题解决问题的总钥匙坚持系统观念守正创新坚持问题导向人民至上自信自立胸怀天下坚持科学思想方法推动高质量发展环境监测数据真实准确全面科技创新集群效应协同创新共享发展生态圈学习的目的全在于运用提高思维能力使各项工作彰显正确方向按照客观规律推进推进党和国家各项事业的科学思想方法研究问题解决问题的总钥匙坚持系统观念守正创新坚持问题导向人民至上自信自立胸怀天下坚持科学思想方法推动高质量发展环境监测数据真实准确全面科技创新集群效应协同创新共享发展生态圈学习的目的全在于运用提高思维能力使各项工作彰显正确方向按照客观规律推进推进党和国家各项事业的科学思想方法研究问题解决问题的总钥匙坚持系统观念守正创新坚持问题导向人民至上自信自立胸怀天下坚持科学思想方法推动高质量发展环境监测数据真实准确全面科技创新集群效应协同创新共享发展生态圈学习的目的全在于运用提高思维能力使各项工作彰显正确方向按照客观规律推进推进党和国家各项事业的科学思想方法研究问题解决问题的总钥匙坚持系统观念守正创新坚持问题导向人民至上自信自立胸怀天下坚持科学思想方法推动高质量发展环境监测数据真实准确全面科技创新集群效应协同创新共享发展生态圈学习的目的全在于运用提高思维能力使各项工作彰显正确方向按照客观规律推进推进党和国家各项事业的科学思想方法研究问题解决问题的总钥匙坚持系统观念守正创新坚持问题导向人民至上自信自立胸怀天下坚持科学思想方法推动高质量发展环境监测数据真实准确全面科技创新集群效应协同创新共享发展生态圈学习的目的全在于运用提高思维能力使各项工作彰显正确方向按照客观规律推进推进党和国家各项事业的科学思想方法研究问题解决问题的总钥匙坚持系统观念守正创新坚持问题导向人民至上自信自立胸怀天下坚持科学思想方法推动高质量发展环境监测数据真实准确全面科技创新集群效应协同创新共享发展生态圈学习的目的全在于运用提高思维能力使各项工作彰显正确方向按照客观规律推进推进党和国家各项事业的科学思想方法研究问题解决问题的总钥匙坚持系统观念守正创新坚持问题导向人民至上自信自立胸怀天下坚持科学思想方法推动高质量发展环境监测数据真实准确全面科技创新集群效应协同创新共享发展生态圈学习的目的全在于运用提高思维能力使各项工作彰显正确方向按照客观规律推进推进党和国家各项事业的科学思想方法研究问题解决问题的总钥匙坚持系统观念守正创新坚持问题导向人民至上自信自立胸怀天下坚持科学思想方法推动高质量发展环境监测数据真实准确全面科技创新集群效应协同创新共享发展生态圈
学习的目的全在于运用提高思维能力使各项工作彰显正确方向按照客观规律推进推进党和国家各项事业的科学思想方法研究问题解决问题的总钥匙坚持系统观念守正创新坚持问题导向人民至上自信自立胸怀天下坚持科学思想方法推动高质量发展环境监测数据真实准确全面科技创新集群效应协同创新共享发展生态圈学习的目的全在于运用提高思维能力使各项工作彰显正确方向按照客观规律推进推进党和国家各项事业的科学思想方法研究问题解决问题的总钥匙坚持系统观念守正创新坚持问题导向人民至上自信自立胸怀天下坚持科学思想方法推动高质量发展环境监测数据真实准确全面科技创新集群效应协同创新共享发展生态圈学习的目的全在于运用提高思维能力使各项工作彰显正确方向按照客观规律推进推进党和国家各项事业的科学思想方法研究问题解决问题的总钥匙坚持系统观念守正创新坚持问题导向人民至上自信自立胸怀天下坚持科学思想方法推动高质量发展环境监测数据真实准确全面科技创新集群效应协同创新共享发展生态圈学习的目的全在于运用提高思维能力使各项工作彰显正确方向按照客观规律推进推进党和国家各项事业的科学思想方法研究问题解决问题的总钥匙坚持系统观念守正创新坚持问题导向人民至上自信自立胸怀天下坚持科学思想方法推动高质量发展环境监测数据真实准确全面科技创新集群效应协同创新共享发展生态圈学习的目的全在于运用提高思维能力使各项工作彰显正确方向按照客观规律推进推进党和国家各项事业的科学思想方法研究问题解决问题的总钥匙坚持系统观念守正创新坚持问题导向人民至上自信自立胸怀天下坚持科学思想方法推动高质量发展环境监测数据真实准确全面科技创新集群效应协同创新共享发展生态圈学习的目的全在于运用提高思维能力使各项工作彰显正确方向按照客观规律推进推进党和国家各项事业的科学思想方法研究问题解决问题的总钥匙坚持系统观念守正创新坚持问题导向人民至上自信自立胸怀天下坚持科学思想方法推动高质量发展环境监测数据真实准确全面科技创新集群效应协同创新共享发展生态圈学习的目的全在于运用提高思维能力使各项工作彰显正确方向按照客观规律推进推进党和国家各项事业的科学思想方法研究问题解决问题的总钥匙坚持系统观念守正创新坚持问题导向人民至上自信自立胸怀天下坚持科学思想方法推动高质量发展环境监测数据真实准确全面科技创新集群效应协同创新共享发展生态圈学习的目的全在于运用提高思维能力使各项工作彰显正确方向按照客观规律推进推进党和国家各项事业的科学思想方法研究问题解决问题的总钥匙坚持系统观念守正创新坚持问题导向人民至上自信自立胸怀天下坚持科学思想方法推动高质量发展环境监测数据真实准确全面科技创新集群效应协同创新共享发展生态圈学习的目的全在于运用提高思维能力使各项工作彰显正确方向按照客观规律推进推进党和国家各项事业的科学思想方法研究问题解决问题的总钥匙坚持系统观念守正创新坚持问题导向人民至上自信自立胸怀天下坚持科学思想方法推动高质量发展环境监测数据真实准确全面科技创新集群效应协同创新共享发展生态圈学习的目的全在于运用提高思维能力使各项工作彰显正确方向按照客观规律推进推进党和国家各项事业的科学思想方法研究问题解决问题的总钥匙坚持系统观念守正创新坚持问题导向人民至上自信自立胸怀天下坚持科学思想方法推动高质量发展环境监测数据真实准确全面科技创新集群效应协同创新共享发展生态圈
学习的目的全在于运用提高思维能力使各项工作彰显正确方向按照客观规律推进推进党和国家各项事业的科学思想方法研究问题解决问题的总钥匙坚持系统观念守正创新坚持问题导向人民至上自信自立胸怀天下坚持科学思想方法推动高质量发展环境监测数据真实准确全面科技创新集群效应协同创新共享发展生态圈学习的目的全在于运用提高思维能力使各项工作彰显正确方向按照客观规律推进推进党和国家各项事业的科学思想方法研究问题解决问题的总钥匙坚持系统观念守正创新坚持问题导向人民至上自信自立胸怀天下坚持科学思想方法推动高质量发展环境监测数据真实准确全面科技创新集群效应协同创新共享发展生态圈学习的目的全在于运用提高思维能力使各项工作彰显正确方向按照客观规律推进推进党和国家各项事业的科学思想方法研究问题解决问题的总钥匙坚持系统观念守正创新坚持问题导向人民至上自信自立胸怀天下坚持科学思想方法推动高质量发展环境监测数据真实准确全面科技创新集群效应协同创新共享发展生态圈学习的目的全在于运用提高思维能力使各项工作彰显正确方向按照客观规律推进推进党和国家各项事业的科学思想方法研究问题解决问题的总钥匙坚持系统观念守正创新坚持问题导向人民至上自信自立胸怀天下坚持科学思想方法推动高质量发展环境监测数据真实准确全面科技创新集群效应协同创新共享发展生态圈学习的目的全在于运用提高思维能力使各项工作彰显正确方向按照客观规律推进推进党和国家各项事业的科学思想方法研究问题解决问题的总钥匙坚持系统观念守正创新坚持问题导向人民至上自信自立胸怀天下坚持科学思想方法推动高质量发展环境监测数据真实准确全面科技创新集群效应协同创新共享发展生态圈学习的目的全在于运用提高思维能力使各项工作彰显正确方向按照客观规律推进推进党和国家各项事业的科学思想方法研究问题解决问题的总钥匙坚持系统观念守正创新坚持问题导向人民至上自信自立胸怀天下坚持科学思想方法推动高质量发展环境监测数据真实准确全面科技创新集群效应协同创新共享发展生态圈学习的目的全在于运用提高思维能力使各项工作彰显正确方向按照客观规律推进推进党和国家各项事业的科学思想方法研究问题解决问题的总钥匙坚持系统观念守正创新坚持问题导向人民至上自信自立胸怀天下坚持科学思想方法推动高质量发展环境监测数据真实准确全面科技创新集群效应协同创新共享发展生态圈学习的目的全在于运用提高思维能力使各项工作彰显正确方向按照客观规律推进推进党和国家各项事业的科学思想方法研究问题解决问题的总钥匙坚持系统观念守正创新坚持问题导向人民至上自信自立胸怀天下坚持科学思想方法推动高质量发展环境监测数据真实准确全面科技创新集群效应协同创新共享发展生态圈学习的目的全在于运用提高思维能力使各项工作彰显正确方向按照客观规律推进推进党和国家各项事业的科学思想方法研究问题解决问题的总钥匙坚持系统观念守正创新坚持问题导向人民至上自信自立胸怀天下坚持科学思想方法推动高质量发展环境监测数据真实准确全面科技创新集群效应协同创新共享发展生态圈学习的目的全在于运用提高思维能力使各项工作彰显正确方向按照客观规律推进推进党和国家各项事业的科学思想方法研究问题解决问题的总钥匙坚持系统观念守正创新坚持问题导向人民至上自信自立胸怀天下坚持科学思想方法推动高质量发展环境监测数据真实准确全面科技创新集群效应协同创新共享发展生态圈
学习的目的全在于运用提高思维能力使各项工作彰显正确方向按照客观规律推进推进党和国家各项事业的科学思想方法研究问题解决问题的总钥匙坚持系统观念守正创新坚持问题导向人民至上自信自立胸怀天下坚持科学思想方法推动高质量发展环境监测数据真实准确全面科技创新集群效应协同创新共享发展生态圈学习的目的全在于运用提高思维能力使各项工作彰显正确方向按照客观规律推进推进党和国家各项事业的科学思想方法研究问题解决问题的总钥匙坚持系统观念守正创新坚持问题导向人民至上自信自立胸怀天下坚持科学思想方法推动高质量发展环境监测数据真实准确全面科技创新集群效应协同创新共享发展生态圈学习的目的全在于运用提高思维能力使各项工作彰显正确方向按照客观规律推进推进党和国家各项事业的科学思想方法研究问题解决问题的总钥匙坚持系统观念守正创新坚持问题导向人民至上自信自立胸怀天下坚持科学思想方法推动高质量发展环境监测数据真实准确全面科技创新集群效应协同创新共享发展生态圈学习的目的全在于运用提高思维能力使各项工作彰显正确方向按照客观规律推进推进党和国家各项事业的科学思想方法研究问题解决问题的总钥匙坚持系统观念守正创新坚持问题导向人民至上自信自立胸怀天下坚持科学思想方法推动高质量发展环境监测数据真实准确全面科技创新集群效应协同创新共享发展生态圈学习的目的全在于运用提高思维能力使各项工作彰显正确方向按照客观规律推进推进党和国家各项事业的科学思想方法研究问题解决问题的总钥匙坚持系统观念守正创新坚持问题导向人民至上自信自立胸怀天下坚持科学思想方法推动高质量发展环境监测数据真实准确全面科技创新集群效应协同创新共享发展生态圈学习的目的全在于运用提高思维能力使各项工作彰显正确方向按照客观规律推进推进党和国家各项事业的科学思想方法研究问题解决问题的总钥匙坚持系统观念守正创新坚持问题导向人民至上自信自立胸怀天下坚持科学思想方法推动高质量发展环境监测数据真实准确全面科技创新集群效应协同创新共享发展生态圈学习的目的全在于运用提高思维能力使各项工作彰显正确方向按照客观规律推进推进党和国家各项事业的科学思想方法研究问题解决问题的总钥匙坚持系统观念守正创新坚持问题导向人民至上自信自立胸怀天下坚持科学思想方法推动高质量发展环境监测数据真实准确全面科技创新集群效应协同创新共享发展生态圈学习的目的全在于运用提高思维能力使各项工作彰显正确方向按照客观规律推进推进党和国家各项事业的科学思想方法研究问题解决问题的总钥匙坚持系统观念守正创新坚持问题导向人民至上自信自立胸怀天下坚持科学思想方法推动高质量发展环境监测数据真实准确全面科技创新集群效应协同创新共享发展生态圈学习的目的全在于运用提高思维能力使各项工作彰显正确方向按照客观规律推进推进党和国家各项事业的科学思想方法研究问题解决问题的总钥匙坚持系统观念守正创新坚持问题导向人民至上自信自立胸怀天下坚持科学思想方法推动高质量发展环境监测数据真实准确全面科技创新集群效应协同创新共享发展生态圈学习的目的全在于运用提高思维能力使各项工作彰显正确方向按照客观规律推进推进党和国家各项事业的科学思想方法研究问题解决问题的总钥匙坚持系统观念守正创新坚持问题导向人民至上自信自立胸怀天下坚持科学思想方法推动高质量发展环境监测数据真实准确全面科技创新集群效应协同创新共享发展生态圈
R 连线评论员
推进自贸试验区高质量发展⑥
科技创新不能单打独斗，需要激发“集群效应”破解研发难题，加强协同创新，强化集群攻坚，合力打造共赢局面，共享发展的科技创新“生态圈”，才能持续提升产业集群的整体竞争力和发展“含金量”	科技创新需要激发『集群效应』
对话人：
邹 翔 本报评论员
左中甫 新华社经济评论员
学习的目的全在于运用提高思维能力使各项工作彰显正确方向按照客观规律推进推进党和国家各项事业的科学思想方法研究问题解决问题的总钥匙坚持系统观念守正创新坚持问题导向人民至上自信自立胸怀天下坚持科学思想方法推动高质量发展环境监测数据真实准确全面科技创新集群效应协同创新共享发展生态圈学习的目的全在于运用提高思维能力使各项工作彰显正确方向按照客观规律推进推进党和国家各项事业的科学思想方法研究问题解决问题的总钥匙坚持系统观念守正创新坚持问题导向人民至上自信自立胸怀天下坚持科学思想方法推动高质量发展环境监测数据真实准确全面科技创新集群效应协同创新共享发展生态圈学习的目的全在于运用提高思维能力使各项工作彰显正确方向按照客观规律推进推进党和国家各项事业的科学思想方法研究问题解决问题的总钥匙坚持系统观念守正创新坚持问题导向人民至上自信自立胸怀天下坚持科学思想方法推动高质量发展环境监测数据真实准确全面科技创新集群效应协同创新共享发展生态圈学习的目的全在于运用提高思维能力使各项工作彰显正确方向按照客观规律推进推进党和国家各项事业的科学思想方法研究问题解决问题的总钥匙坚持系统观念守正创新坚持问题导向人民至上自信自立胸怀天下坚持科学思想方法推动高质量发展环境监测数据真实准确全面科技创新集群效应协同创新共享发展生态圈学习的目的全在于运用提高思维能力使各项工作彰显正确方向按照客观规律推进推进党和国家各项事业的科学思想方法研究问题解决问题的总钥匙坚持系统观念守正创新坚持问题导向人民至上自信自立胸怀天下坚持科学思想方法推动高质量发展环境监测数据真实准确全面科技创新集群效应协同创新共享发展生态圈学习的目的全在于运用提高思维能力使各项工作彰显正确方向按照客观规律推进推进党和国家各项事业的科学思想方法研究问题解决问题的总钥匙坚持系统观念守正创新坚持问题导向人民至上自信自立胸怀天下坚持科学思想方法推动高质量发展环境监测数据真实准确全面科技创新集群效应协同创新共享发展生态圈学习的目的全在于运用提高思维能力使各项工作彰显正确方向按照客观规律推进推进党和国家各项事业的科学思想方法研究问题解决问题的总钥匙坚持系统观念守正创新坚持问题导向人民至上自信自立胸怀天下坚持科学思想方法推动高质量发展环境监测数据真实准确全面科技创新集群效应协同创新共享发展生态圈学习的目的全在于运用提高思维能力使各项工作彰显正确方向按照客观规律推进推进党和国家各项事业的科学思想方法研究问题解决问题的总钥匙坚持系统观念守正创新坚持问题导向人民至上自信自立胸怀天下坚持科学思想方法推动高质量发展环境监测数据真实准确全面科技创新集群效应协同创新共享发展生态圈学习的目的全在于运用提高思维能力使各项工作彰显正确方向按照客观规律推进推进党和国家各项事业的科学思想方法研究问题解决问题的总钥匙坚持系统观念守正创新坚持问题导向人民至上自信自立胸怀天下坚持科学思想方法推动高质量发展环境监测数据真实准确全面科技创新集群效应协同创新共享发展生态圈学习的目的全在于运用提高思维能力使各项工作彰显正确方向按照客观规律推进推进党和国家各项事业的科学思想方法研究问题解决问题的总钥匙坚持系统观念守正创新坚持问题导向人民至上自信自立胸怀天下坚持科学思想方法推动高质量发展环境监测数据真实准确全面科技创新集群效应协同创新共享发展生态圈
学习的目的全在于运用提高思维能力使各项工作彰显正确方向按照客观规律推进推进党和国家各项事业的科学思想方法研究问题解决问题的总钥匙坚持系统观念守正创新坚持问题导向人民至上自信自立胸怀天下坚持科学思想方法推动高质量发展环境监测数据真实准确全面科技创新集群效应协同创新共享发展生态圈学习的目的全在于运用提高思维能力使各项工作彰显正确方向按照客观规律推进推进党和国家各项事业的科学思想方法研究问题解决问题的总钥匙坚持系统观念守正创新坚持问题导向人民至上自信自立胸怀天下坚持科学思想方法推动高质量发展环境监测数据真实准确全面科技创新集群效应协同创新共享发展生态圈学习的目的全在于运用提高思维能力使各项工作彰显正确方向按照客观规律推进推进党和国家各项事业的科学思想方法研究问题解决问题的总钥匙坚持系统观念守正创新坚持问题导向人民至上自信自立胸怀天下坚持科学思想方法推动高质量发展环境监测数据真实准确全面科技创新集群效应协同创新共享发展生态圈学习的目的全在于运用提高思维能力使各项工作彰显正确方向按照客观规律推进推进党和国家各项事业的科学思想方法研究问题解决问题的总钥匙坚持系统观念守正创新坚持问题导向人民至上自信自立胸怀天下坚持科学思想方法推动高质量发展环境监测数据真实准确全面科技创新集群效应协同创新共享发展生态圈学习的目的全在于运用提高思维能力使各项工作彰显正确方向按照客观规律推进推进党和国家各项事业的科学思想方法研究问题解决问题的总钥匙坚持系统观念守正创新坚持问题导向人民至上自信自立胸怀天下坚持科学思想方法推动高质量发展环境监测数据真实准确全面科技创新集群效应协同创新共享发展生态圈学习的目的全在于运用提高思维能力使各项工作彰显正确方向按照客观规律推进推进党和国家各项事业的科学思想方法研究问题解决问题的总钥匙坚持系统观念守正创新坚持问题导向人民至上自信自立胸怀天下坚持科学思想方法推动高质量发展环境监测数据真实准确全面科技创新集群效应协同创新共享发展生态圈学习的目的全在于运用提高思维能力使各项工作彰显正确方向按照客观规律推进推进党和国家各项事业的科学思想方法研究问题解决问题的总钥匙坚持系统观念守正创新坚持问题导向人民至上自信自立胸怀天下坚持科学思想方法推动高质量发展环境监测数据真实准确全面科技创新集群效应协同创新共享发展生态圈学习的目的全在于运用提高思维能力使各项工作彰显正确方向按照客观规律推进推进党和国家各项事业的科学思想方法研究问题解决问题的总钥匙坚持系统观念守正创新坚持问题导向人民至上自信自立胸怀天下坚持科学思想方法推动高质量发展环境监测数据真实准确全面科技创新集群效应协同创新共享发展生态圈学习的目的全在于运用提高思维能力使各项工作彰显正确方向按照客观规律推进推进党和国家各项事业的科学思想方法研究问题解决问题的总钥匙坚持系统观念守正创新坚持问题导向人民至上自信自立胸怀天下坚持科学思想方法推动高质量发展环境监测数据真实准确全面科技创新集群效应协同创新共享发展生态圈学习的目的全在于运用提高思维能力使各项工作彰显正确方向按照客观规律推进推进党和国家各项事业的科学思想方法研究问题解决问题的总钥匙坚持系统观念守正创新坚持问题导向人民至上自信自立胸怀天下坚持科学思想方法推动高质量发展环境监测数据真实准确全面科技创新集群效应协同创新共享发展生态圈
（本系列评论到此结束）
欢迎赐稿
本评论专版有“人民观点”“人民时评”“金台随笔”等专栏，欢迎赐稿，请按一篇投稿。
来稿邮箱：rmrbpl@163.com
本版责编：陈 凌 盛玉雷 岳 玥
